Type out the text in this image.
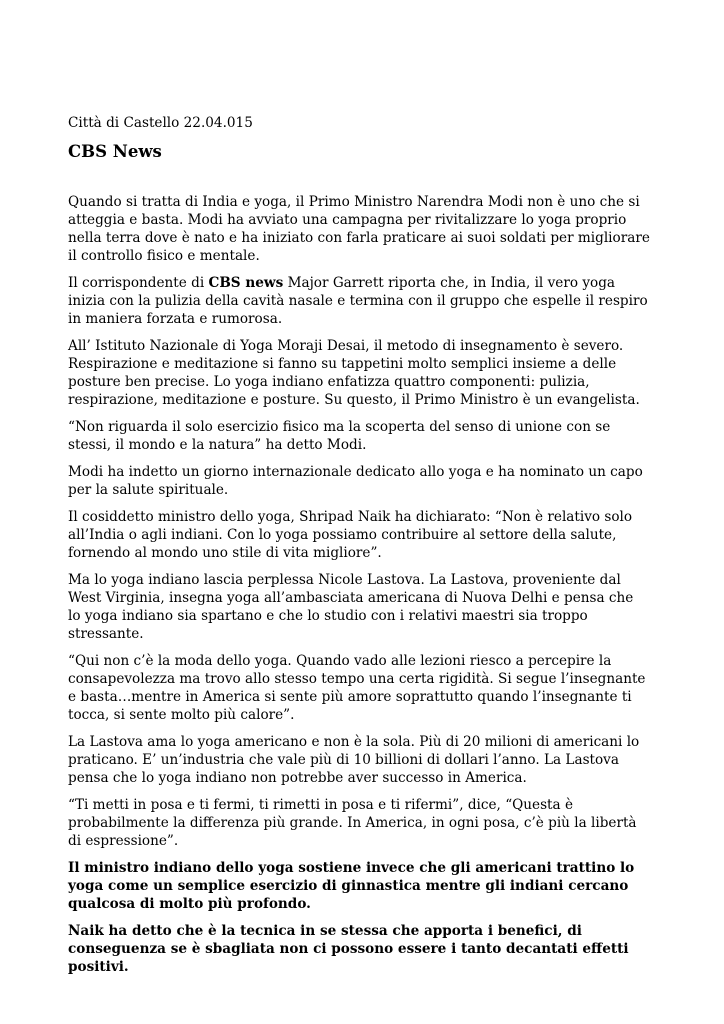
Città di Castello 22.04.015
CBS News

Quando si tratta di India e yoga, il Primo Ministro Narendra Modi non è uno che si atteggia e basta. Modi ha avviato una campagna per rivitalizzare lo yoga proprio nella terra dove è nato e ha iniziato con farla praticare ai suoi soldati per migliorare il controllo fisico e mentale.

Il corrispondente di CBS news Major Garrett riporta che, in India, il vero yoga inizia con la pulizia della cavità nasale e termina con il gruppo che espelle il respiro in maniera forzata e rumorosa.

All’ Istituto Nazionale di Yoga Moraji Desai, il metodo di insegnamento è severo. Respirazione e meditazione si fanno su tappetini molto semplici insieme a delle posture ben precise. Lo yoga indiano enfatizza quattro componenti: pulizia, respirazione, meditazione e posture. Su questo, il Primo Ministro è un evangelista.

“Non riguarda il solo esercizio fisico ma la scoperta del senso di unione con se stessi, il mondo e la natura” ha detto Modi.

Modi ha indetto un giorno internazionale dedicato allo yoga e ha nominato un capo per la salute spirituale.

Il cosiddetto ministro dello yoga, Shripad Naik ha dichiarato: “Non è relativo solo all’India o agli indiani. Con lo yoga possiamo contribuire al settore della salute, fornendo al mondo uno stile di vita migliore”.

Ma lo yoga indiano lascia perplessa Nicole Lastova. La Lastova, proveniente dal West Virginia, insegna yoga all’ambasciata americana di Nuova Delhi e pensa che lo yoga indiano sia spartano e che lo studio con i relativi maestri sia troppo stressante.

“Qui non c’è la moda dello yoga. Quando vado alle lezioni riesco a percepire la consapevolezza ma trovo allo stesso tempo una certa rigidità. Si segue l’insegnante e basta…mentre in America si sente più amore soprattutto quando l’insegnante ti tocca, si sente molto più calore”.

La Lastova ama lo yoga americano e non è la sola. Più di 20 milioni di americani lo praticano. E’ un’industria che vale più di 10 billioni di dollari l’anno. La Lastova pensa che lo yoga indiano non potrebbe aver successo in America.

“Ti metti in posa e ti fermi, ti rimetti in posa e ti rifermi”, dice, “Questa è probabilmente la differenza più grande. In America, in ogni posa, c’è più la libertà di espressione”.

Il ministro indiano dello yoga sostiene invece che gli americani trattino lo yoga come un semplice esercizio di ginnastica mentre gli indiani cercano qualcosa di molto più profondo.

Naik ha detto che è la tecnica in se stessa che apporta i benefici, di conseguenza se è sbagliata non ci possono essere i tanto decantati effetti positivi.
